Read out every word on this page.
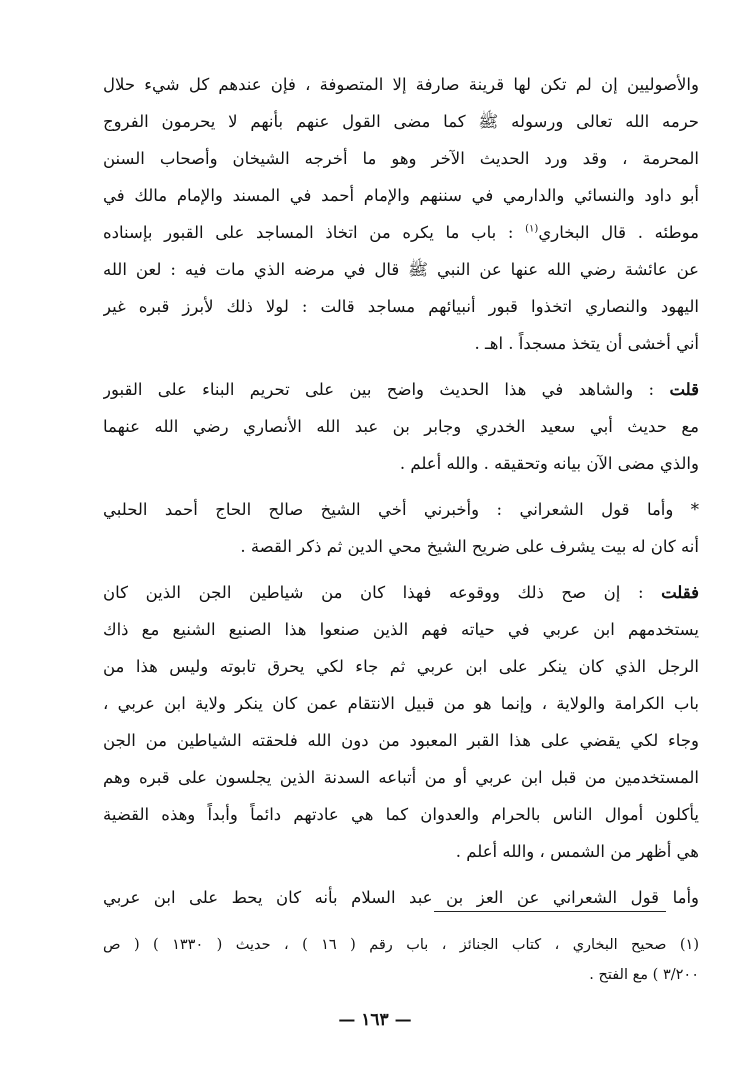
والأصوليين إن لم تكن لها قرينة صارفة إلا المتصوفة ، فإن عندهم كل شيء حلال
حرمه الله تعالى ورسوله ﷺ كما مضى القول عنهم بأنهم لا يحرمون الفروج
المحرمة ، وقد ورد الحديث الآخر وهو ما أخرجه الشيخان وأصحاب السنن
أبو داود والنسائي والدارمي في سننهم والإمام أحمد في المسند والإمام مالك في
موطئه . قال البخاري$^{(١)}$ : باب ما يكره من اتخاذ المساجد على القبور بإسناده
عن عائشة رضي الله عنها عن النبي ﷺ قال في مرضه الذي مات فيه : لعن الله
اليهود والنصاري اتخذوا قبور أنبيائهم مساجد قالت : لولا ذلك لأبرز قبره غير
أني أخشى أن يتخذ مسجداً . اهـ .
قلت : والشاهد في هذا الحديث واضح بين على تحريم البناء على القبور
مع حديث أبي سعيد الخدري وجابر بن عبد الله الأنصاري رضي الله عنهما
والذي مضى الآن بيانه وتحقيقه . والله أعلم .
* وأما قول الشعراني : وأخبرني أخي الشيخ صالح الحاج أحمد الحلبي
أنه كان له بيت يشرف على ضريح الشيخ محي الدين ثم ذكر القصة .
فقلت : إن صح ذلك ووقوعه فهذا كان من شياطين الجن الذين كان
يستخدمهم ابن عربي في حياته فهم الذين صنعوا هذا الصنيع الشنيع مع ذاك
الرجل الذي كان ينكر على ابن عربي ثم جاء لكي يحرق تابوته وليس هذا من
باب الكرامة والولاية ، وإنما هو من قبيل الانتقام عمن كان ينكر ولاية ابن عربي ،
وجاء لكي يقضي على هذا القبر المعبود من دون الله فلحقته الشياطين من الجن
المستخدمين من قبل ابن عربي أو من أتباعه السدنة الذين يجلسون على قبره وهم
يأكلون أموال الناس بالحرام والعدوان كما هي عادتهم دائماً وأبداً وهذه القضية
هي أظهر من الشمس ، والله أعلم .
وأما قول الشعراني عن العز بن عبد السلام بأنه كان يحط على ابن عربي
(١) صحيح البخاري ، كتاب الجنائز ، باب رقم ( ١٦ ) ، حديث ( ١٣٣٠ ) ( ص
٣/٢٠٠ ) مع الفتح .
— ١٦٣ —
